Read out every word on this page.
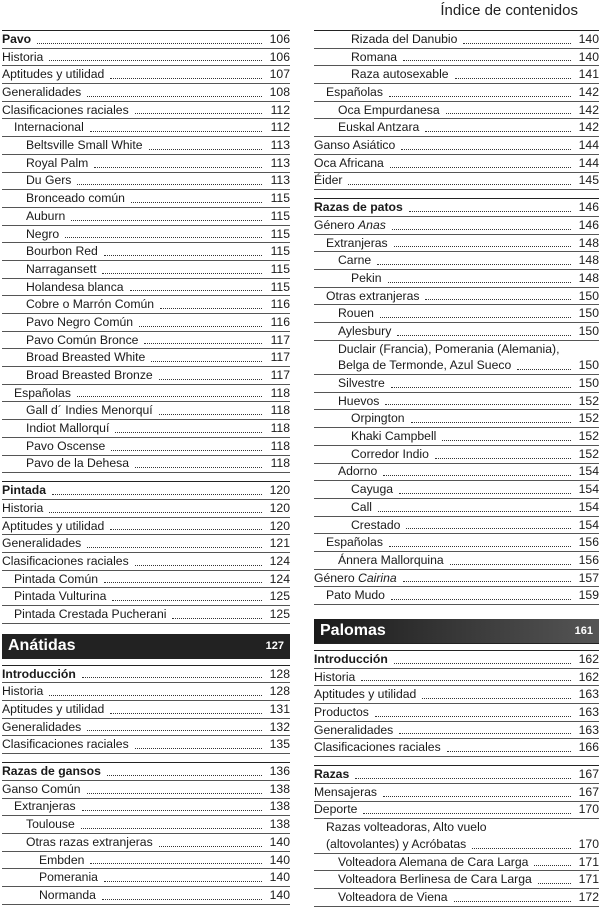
Índice de contenidos
Pavo	106
Historia	106
Aptitudes y utilidad	107
Generalidades	108
Clasificaciones raciales	112
Internacional	112
Beltsville Small White	113
Royal Palm	113
Du Gers	113
Bronceado común	115
Auburn	115
Negro	115
Bourbon Red	115
Narragansett	115
Holandesa blanca	115
Cobre o Marrón Común	116
Pavo Negro Común	116
Pavo Común Bronce	117
Broad Breasted White	117
Broad Breasted Bronze	117
Españolas	118
Gall d´ Indies Menorquí	118
Indiot Mallorquí	118
Pavo Oscense	118
Pavo de la Dehesa	118
Pintada	120
Historia	120
Aptitudes y utilidad	120
Generalidades	121
Clasificaciones raciales	124
Pintada Común	124
Pintada Vulturina	125
Pintada Crestada Pucherani	125
Anátidas	127
Introducción	128
Historia	128
Aptitudes y utilidad	131
Generalidades	132
Clasificaciones raciales	135
Razas de gansos	136
Ganso Común	138
Extranjeras	138
Toulouse	138
Otras razas extranjeras	140
Embden	140
Pomerania	140
Normanda	140
Rizada del Danubio	140
Romana	140
Raza autosexable	141
Españolas	142
Oca Empurdanesa	142
Euskal Antzara	142
Ganso Asiático	144
Oca Africana	144
Éider	145
Razas de patos	146
Género Anas	146
Extranjeras	148
Carne	148
Pekin	148
Otras extranjeras	150
Rouen	150
Aylesbury	150
Duclair (Francia), Pomerania (Alemania),
Belga de Termonde, Azul Sueco	150
Silvestre	150
Huevos	152
Orpington	152
Khaki Campbell	152
Corredor Indio	152
Adorno	154
Cayuga	154
Call	154
Crestado	154
Españolas	156
Ánnera Mallorquina	156
Género Cairina	157
Pato Mudo	159
Palomas	161
Introducción	162
Historia	162
Aptitudes y utilidad	163
Productos	163
Generalidades	163
Clasificaciones raciales	166
Razas	167
Mensajeras	167
Deporte	170
Razas volteadoras, Alto vuelo
(altovolantes) y Acróbatas	170
Volteadora Alemana de Cara Larga	171
Volteadora Berlinesa de Cara Larga	171
Volteadora de Viena	172
